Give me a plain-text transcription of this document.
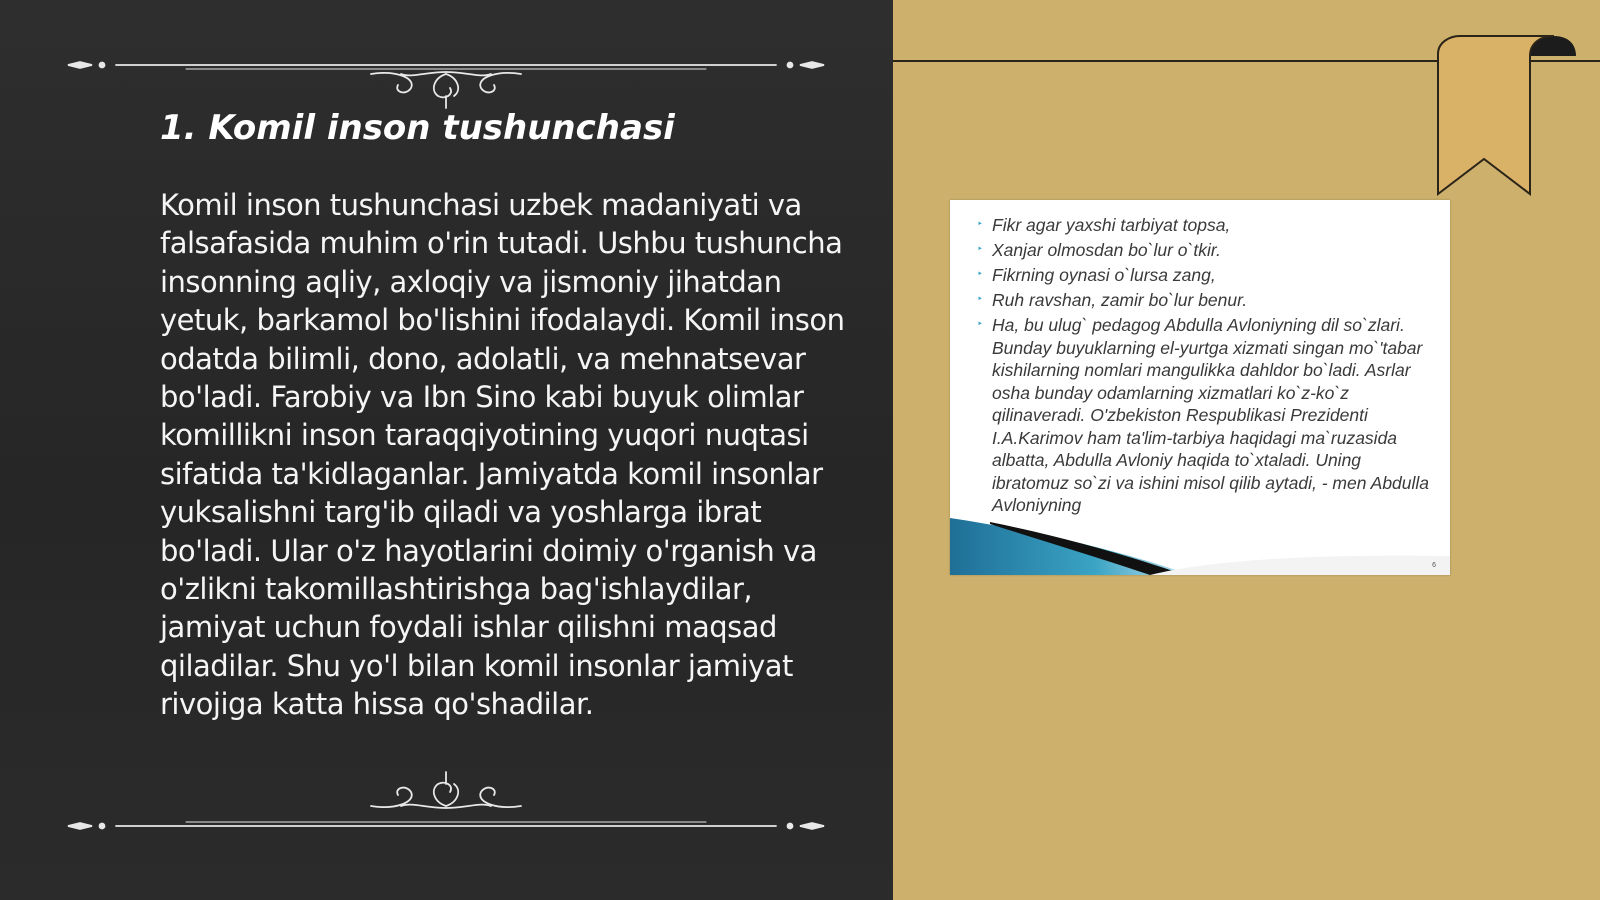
1. Komil inson tushunchasi

Komil inson tushunchasi uzbek madaniyati va falsafasida muhim o'rin tutadi. Ushbu tushuncha insonning aqliy, axloqiy va jismoniy jihatdan yetuk, barkamol bo'lishini ifodalaydi. Komil inson odatda bilimli, dono, adolatli, va mehnatsevar bo'ladi. Farobiy va Ibn Sino kabi buyuk olimlar komillikni inson taraqqiyotining yuqori nuqtasi sifatida ta'kidlaganlar. Jamiyatda komil insonlar yuksalishni targ'ib qiladi va yoshlarga ibrat bo'ladi. Ular o'z hayotlarini doimiy o'rganish va o'zlikni takomillashtirishga bag'ishlaydilar, jamiyat uchun foydali ishlar qilishni maqsad qiladilar. Shu yo'l bilan komil insonlar jamiyat rivojiga katta hissa qo'shadilar.

‣ Fikr agar yaxshi tarbiyat topsa,
‣ Xanjar olmosdan bo`lur o`tkir.
‣ Fikrning oynasi o`lursa zang,
‣ Ruh ravshan, zamir bo`lur benur.
‣ Ha, bu ulug` pedagog Abdulla Avloniyning dil so`zlari. Bunday buyuklarning el-yurtga xizmati singan mo`'tabar kishilarning nomlari mangulikka dahldor bo`ladi. Asrlar osha bunday odamlarning xizmatlari ko`z-ko`z qilinaveradi. O'zbekiston Respublikasi Prezidenti I.A.Karimov ham ta'lim-tarbiya haqidagi ma`ruzasida albatta, Abdulla Avloniy haqida to`xtaladi. Uning ibratomuz so`zi va ishini misol qilib aytadi, - men Abdulla Avloniyning
6
